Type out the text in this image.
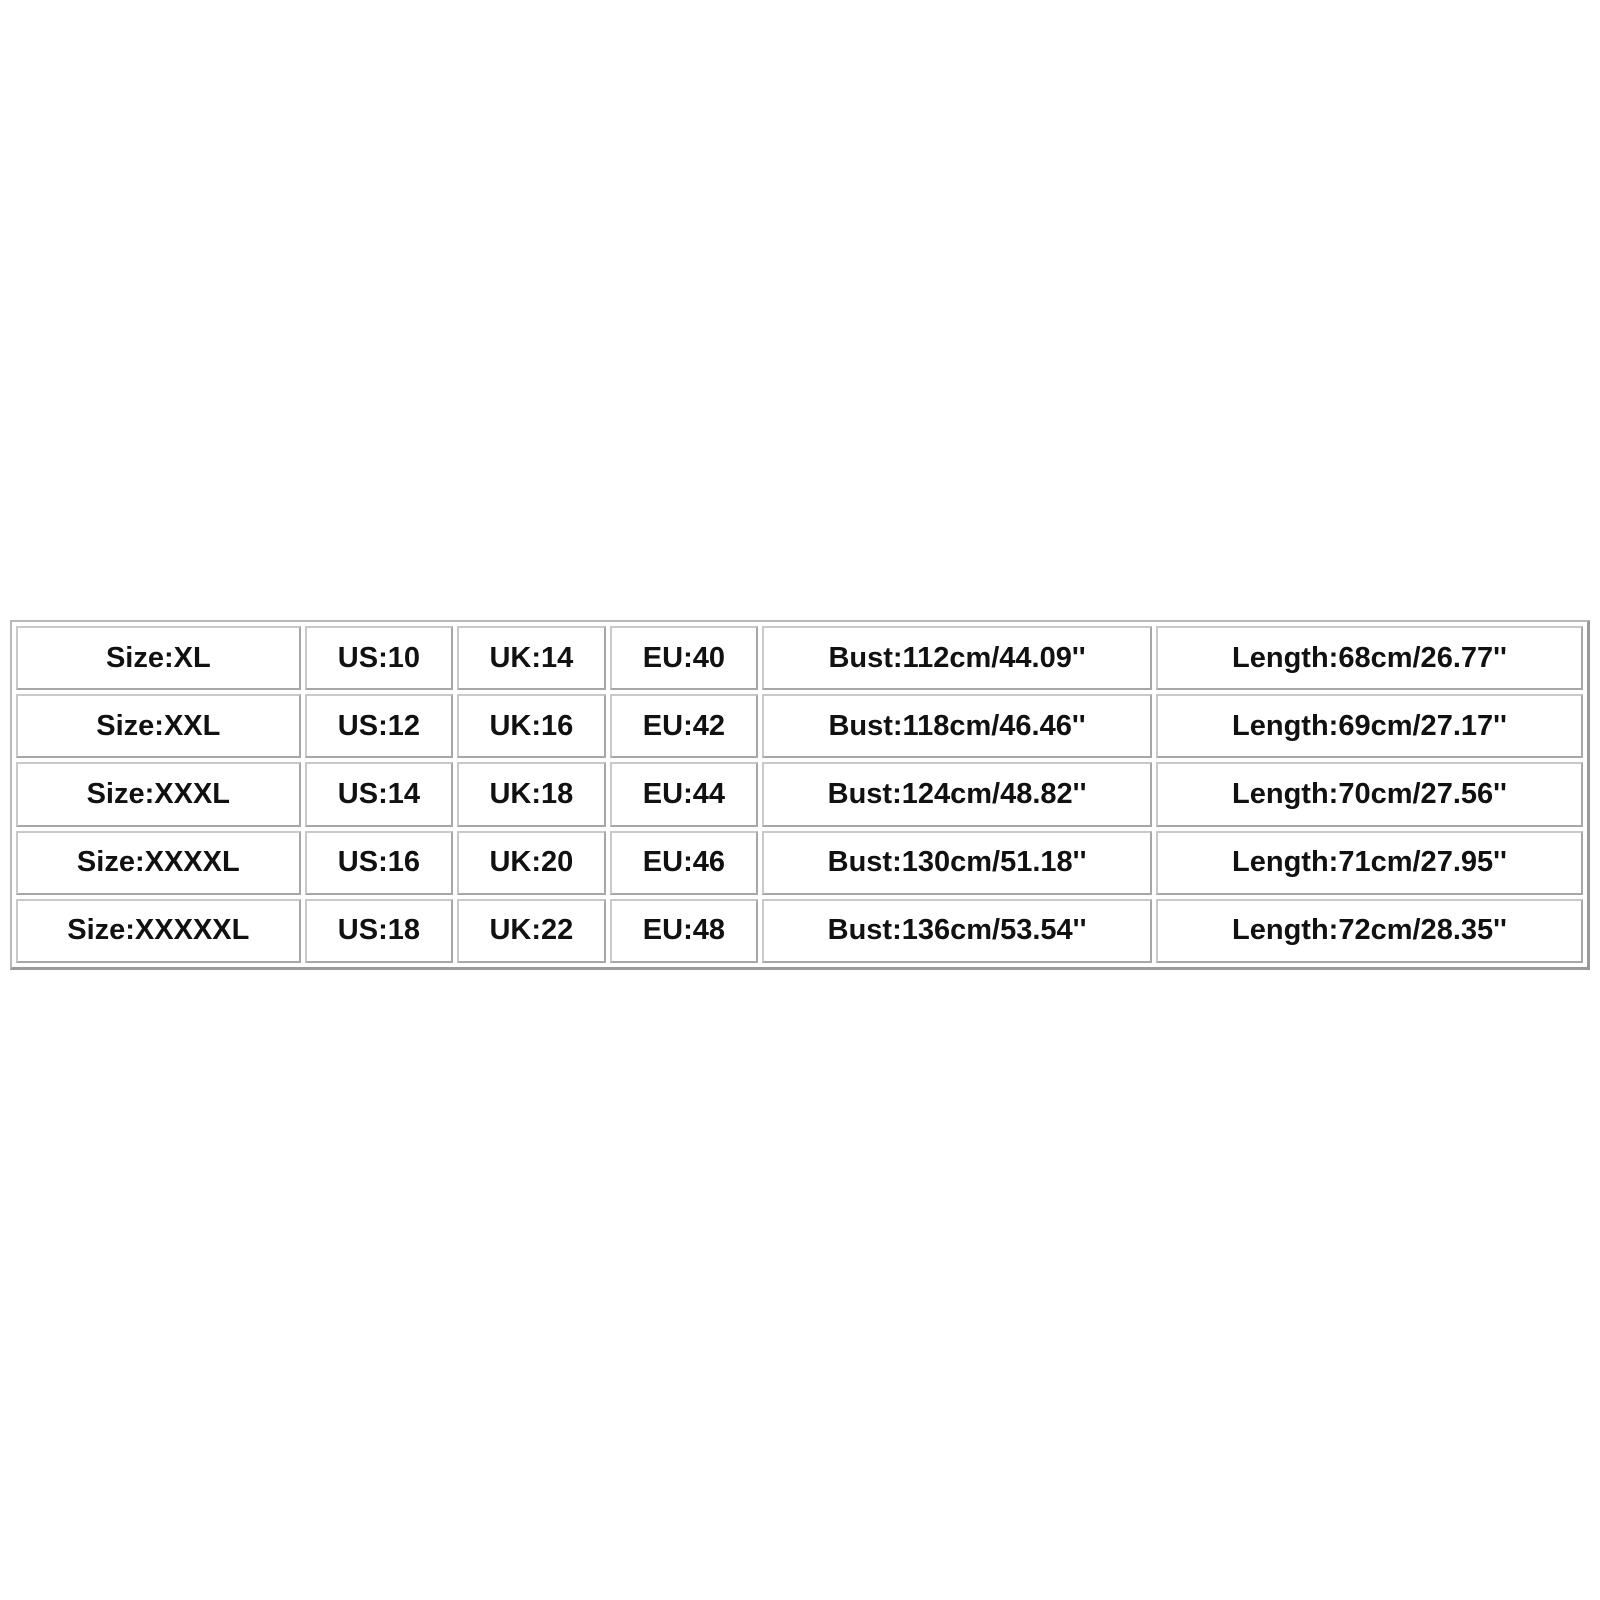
Size:XL	US:10	UK:14	EU:40	Bust:112cm/44.09''	Length:68cm/26.77''
Size:XXL	US:12	UK:16	EU:42	Bust:118cm/46.46''	Length:69cm/27.17''
Size:XXXL	US:14	UK:18	EU:44	Bust:124cm/48.82''	Length:70cm/27.56''
Size:XXXXL	US:16	UK:20	EU:46	Bust:130cm/51.18''	Length:71cm/27.95''
Size:XXXXXL	US:18	UK:22	EU:48	Bust:136cm/53.54''	Length:72cm/28.35''
